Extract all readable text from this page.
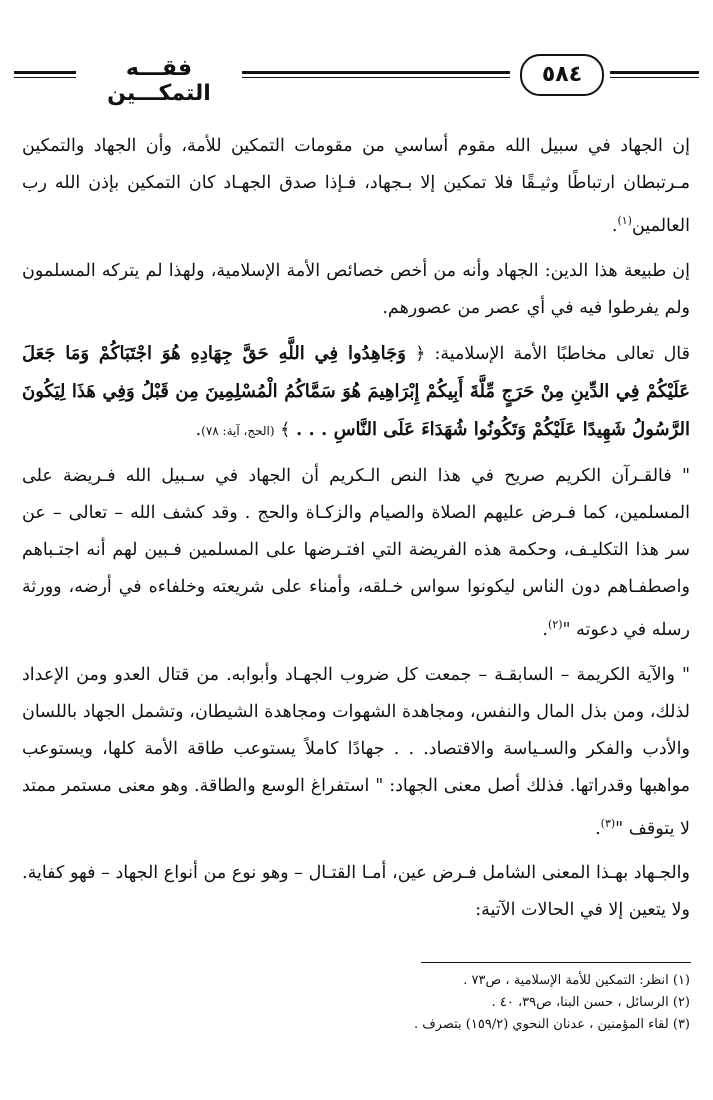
فقـــه التمكـــين
٥٨٤

إن الجهاد في سبيل الله مقوم أساسي من مقومات التمكين للأمة، وأن الجهاد والتمكين مـرتبطان ارتباطًا وثيـقًا فلا تمكين إلا بـجهاد، فـإذا صدق الجهـاد كان التمكين بإذن الله رب العالمين$^{(١)}$.

إن طبيعة هذا الدين: الجهاد وأنه من أخص خصائص الأمة الإسلامية، ولهذا لم يتركه المسلمون ولم يفرطوا فيه في أي عصر من عصورهم.

قال تعالى مخاطبًا الأمة الإسلامية: ﴿ وَجَاهِدُوا فِي اللَّهِ حَقَّ جِهَادِهِ هُوَ اجْتَبَاكُمْ وَمَا جَعَلَ عَلَيْكُمْ فِي الدِّينِ مِنْ حَرَجٍ مِّلَّةَ أَبِيكُمْ إِبْرَاهِيمَ هُوَ سَمَّاكُمُ الْمُسْلِمِينَ مِن قَبْلُ وَفِي هَذَا لِيَكُونَ الرَّسُولُ شَهِيدًا عَلَيْكُمْ وَتَكُونُوا شُهَدَاءَ عَلَى النَّاسِ . . . ﴾ (الحج، آية: ٧٨).

" فالقـرآن الكريم صريح في هذا النص الـكريم أن الجهاد في سـبيل الله فـريضة على المسلمين، كما فـرض عليهم الصلاة والصيام والزكـاة والحج . وقد كشف الله – تعالى – عن سر هذا التكليـف، وحكمة هذه الفريضة التي افتـرضها على المسلمين فـبين لهم أنه اجتـباهم واصطفـاهم دون الناس ليكونوا سواس خـلقه، وأمناء على شريعته وخلفاءه في أرضه، وورثة رسله في دعوته "$^{(٢)}$.

" والآية الكريمة – السابقـة – جمعت كل ضروب الجهـاد وأبوابه. من قتال العدو ومن الإعداد لذلك، ومن بذل المال والنفس، ومجاهدة الشهوات ومجاهدة الشيطان، وتشمل الجهاد باللسان والأدب والفكر والسـياسة والاقتصاد. . . جهادًا كاملاً يستوعب طاقة الأمة كلها، ويستوعب مواهبها وقدراتها. فذلك أصل معنى الجهاد: " استفراغ الوسع والطاقة. وهو معنى مستمر ممتد لا يتوقف "$^{(٣)}$.

والجـهاد بهـذا المعنى الشامل فـرض عين، أمـا القتـال – وهو نوع من أنواع الجهاد – فهو كفاية. ولا يتعين إلا في الحالات الآتية:

(١) انظر: التمكين للأمة الإسلامية ، ص٧٣ .
(٢) الرسائل ، حسن البنا، ص٣٩، ٤٠ .
(٣) لقاء المؤمنين ، عدنان النحوي (١٥٩/٢) بتصرف .
